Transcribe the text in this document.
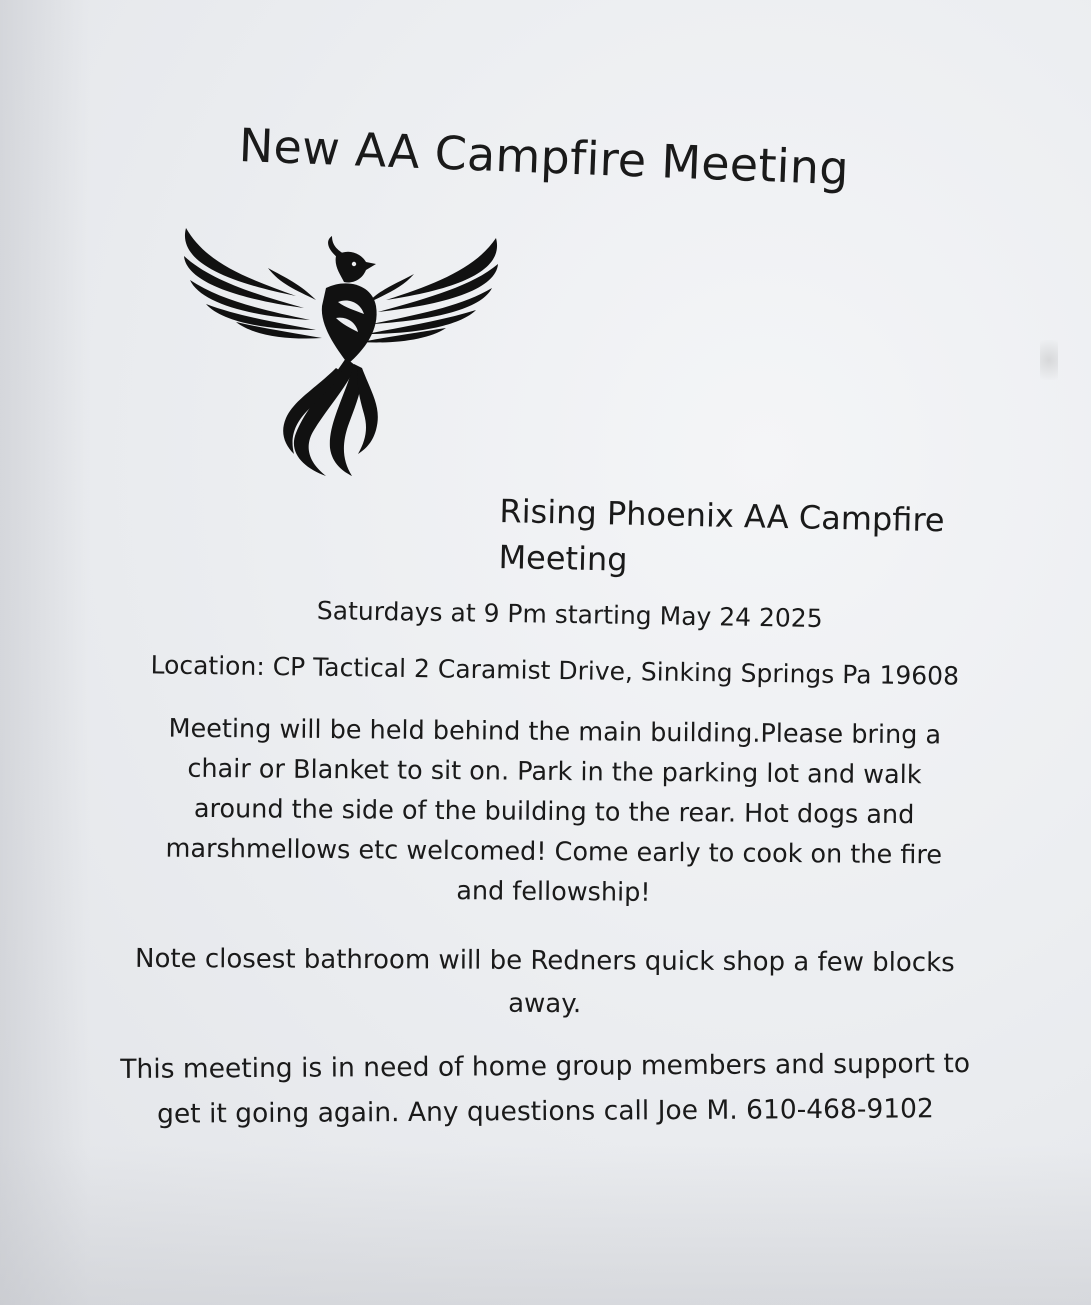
New AA Campfire Meeting
Rising Phoenix AA Campfire
Meeting
Saturdays at 9 Pm starting May 24 2025
Location: CP Tactical 2 Caramist Drive, Sinking Springs Pa 19608
Meeting will be held behind the main building.Please bring a
chair or Blanket to sit on. Park in the parking lot and walk
around the side of the building to the rear. Hot dogs and
marshmellows etc welcomed! Come early to cook on the fire
and fellowship!
Note closest bathroom will be Redners quick shop a few blocks
away.
This meeting is in need of home group members and support to
get it going again. Any questions call Joe M. 610-468-9102
